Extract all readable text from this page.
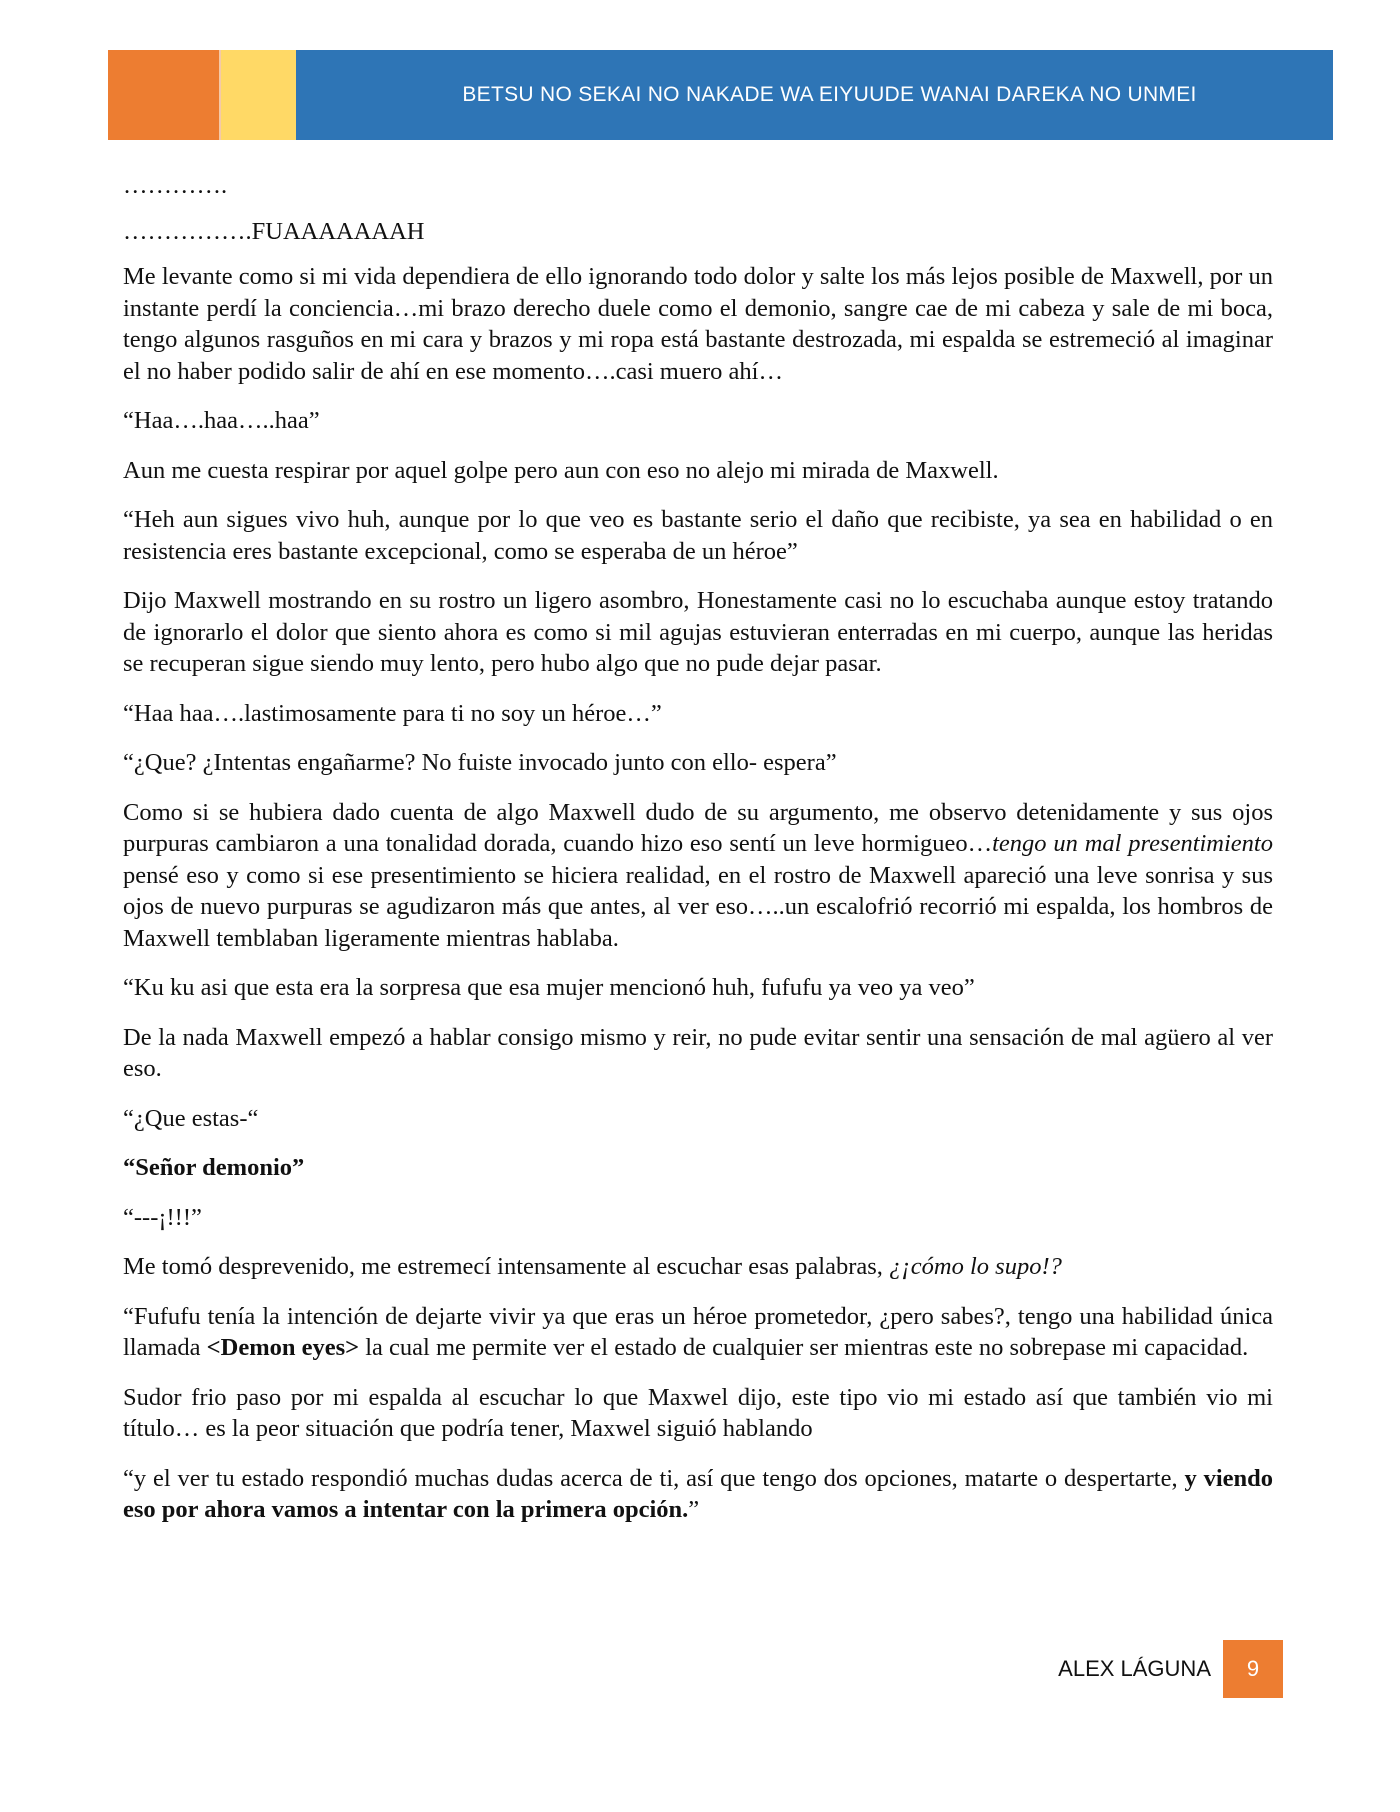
BETSU NO SEKAI NO NAKADE WA EIYUUDE WANAI DAREKA NO UNMEI

………….

…………….FUAAAAAAAH

Me levante como si mi vida dependiera de ello ignorando todo dolor y salte los más lejos posible de Maxwell, por un instante perdí la conciencia…mi brazo derecho duele como el demonio, sangre cae de mi cabeza y sale de mi boca, tengo algunos rasguños en mi cara y brazos y mi ropa está bastante destrozada, mi espalda se estremeció al imaginar el no haber podido salir de ahí en ese momento….casi muero ahí…

“Haa….haa…..haa”

Aun me cuesta respirar por aquel golpe pero aun con eso no alejo mi mirada de Maxwell.

“Heh aun sigues vivo huh, aunque por lo que veo es bastante serio el daño que recibiste, ya sea en habilidad o en resistencia eres bastante excepcional, como se esperaba de un héroe”

Dijo Maxwell mostrando en su rostro un ligero asombro, Honestamente casi no lo escuchaba aunque estoy tratando de ignorarlo el dolor que siento ahora es como si mil agujas estuvieran enterradas en mi cuerpo, aunque las heridas se recuperan sigue siendo muy lento, pero hubo algo que no pude dejar pasar.

“Haa haa….lastimosamente para ti no soy un héroe…”

“¿Que? ¿Intentas engañarme? No fuiste invocado junto con ello- espera”

Como si se hubiera dado cuenta de algo Maxwell dudo de su argumento, me observo detenidamente y sus ojos purpuras cambiaron a una tonalidad dorada, cuando hizo eso sentí un leve hormigueo…tengo un mal presentimiento pensé eso y como si ese presentimiento se hiciera realidad, en el rostro de Maxwell apareció una leve sonrisa y sus ojos de nuevo purpuras se agudizaron más que antes, al ver eso…..un escalofrió recorrió mi espalda, los hombros de Maxwell temblaban ligeramente mientras hablaba.

“Ku ku asi que esta era la sorpresa que esa mujer mencionó huh, fufufu ya veo ya veo”

De la nada Maxwell empezó a hablar consigo mismo y reir, no pude evitar sentir una sensación de mal agüero al ver eso.

“¿Que estas-“

“Señor demonio”

“---¡!!!”

Me tomó desprevenido, me estremecí intensamente al escuchar esas palabras, ¿¡cómo lo supo!?

“Fufufu tenía la intención de dejarte vivir ya que eras un héroe prometedor, ¿pero sabes?, tengo una habilidad única llamada <Demon eyes> la cual me permite ver el estado de cualquier ser mientras este no sobrepase mi capacidad.

Sudor frio paso por mi espalda al escuchar lo que Maxwel dijo, este tipo vio mi estado así que también vio mi título… es la peor situación que podría tener, Maxwel siguió hablando

“y el ver tu estado respondió muchas dudas acerca de ti, así que tengo dos opciones, matarte o despertarte, y viendo eso por ahora vamos a intentar con la primera opción.”

ALEX LÁGUNA 9
